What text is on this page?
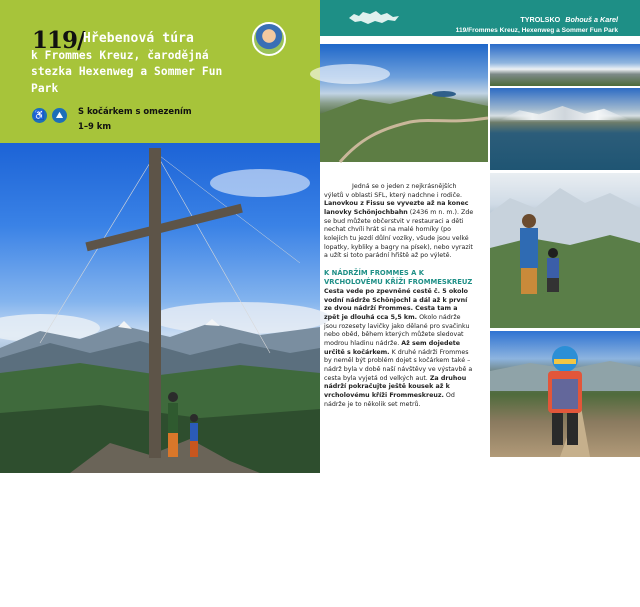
119/
Hřebenová túra
k Frommes Kreuz, čarodějná
stezka Hexenweg a Sommer Fun
Park
♿	⛰	S kočárkem s omezením
1–9 km
228 AUTOR FOTOGRAFIÍ TEREZA HAJKOVÁ
TYROLSKO Bohouš a Karel
119/Frommes Kreuz, Hexenweg a Sommer Fun Park

Jedná se o jeden z nejkrásnějších výletů v oblasti SFL, který nadchne i rodiče. Lanovkou z Fissu se vyvezte až na konec lanovky Schönjochbahn (2436 m n. m.). Zde se bud můžete občerstvit v restauraci a děti nechat chvíli hrát si na malé horníky (po kolejích tu jezdí důlní vozíky, všude jsou velké lopatky, kybliky a bagry na písek), nebo vyrazit a užít si toto parádní hřiště až po výletě.

K NÁDRŽÍM FROMMES A K VRCHOLOVÉMU KŘÍŽI FROMMESKREUZ

Cesta vede po zpevněné cestě č. 5 okolo vodní nádrže Schönjochl a dál až k první ze dvou nádrží Frommes. Cesta tam a zpět je dlouhá cca 5,5 km. Okolo nádrže jsou rozesety lavičky jako dělané pro svačinku nebo oběd, během kterých můžete sledovat modrou hladinu nádrže. Až sem dojedete určitě s kočárkem. K druhé nádrži Frommes by neměl být problém dojet s kočárkem také – nádrž byla v době naší návštěvy ve výstavbě a cesta byla vyjetá od velkých aut. Za druhou nádrží pokračujte ještě kousek až k vrcholovému kříži Frommeskreuz. Od nádrže je to několik set metrů.

AUTOR FOTOGRAFIÍ TEREZA HAJKOVÁ 229
